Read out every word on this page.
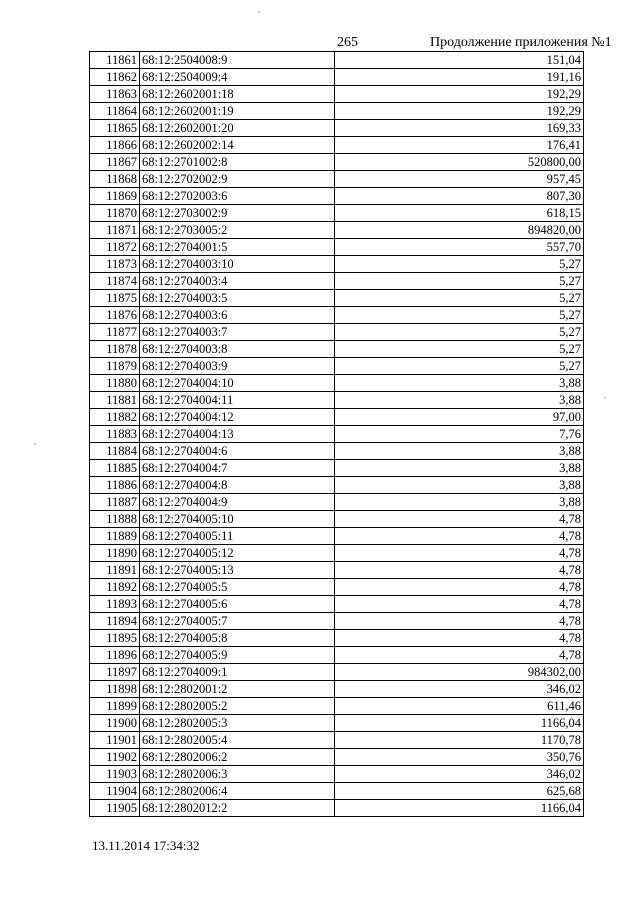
265	Продолжение приложения №1
11861	68:12:2504008:9	151,04
11862	68:12:2504009:4	191,16
11863	68:12:2602001:18	192,29
11864	68:12:2602001:19	192,29
11865	68:12:2602001:20	169,33
11866	68:12:2602002:14	176,41
11867	68:12:2701002:8	520800,00
11868	68:12:2702002:9	957,45
11869	68:12:2702003:6	807,30
11870	68:12:2703002:9	618,15
11871	68:12:2703005:2	894820,00
11872	68:12:2704001:5	557,70
11873	68:12:2704003:10	5,27
11874	68:12:2704003:4	5,27
11875	68:12:2704003:5	5,27
11876	68:12:2704003:6	5,27
11877	68:12:2704003:7	5,27
11878	68:12:2704003:8	5,27
11879	68:12:2704003:9	5,27
11880	68:12:2704004:10	3,88
11881	68:12:2704004:11	3,88
11882	68:12:2704004:12	97,00
11883	68:12:2704004:13	7,76
11884	68:12:2704004:6	3,88
11885	68:12:2704004:7	3,88
11886	68:12:2704004:8	3,88
11887	68:12:2704004:9	3,88
11888	68:12:2704005:10	4,78
11889	68:12:2704005:11	4,78
11890	68:12:2704005:12	4,78
11891	68:12:2704005:13	4,78
11892	68:12:2704005:5	4,78
11893	68:12:2704005:6	4,78
11894	68:12:2704005:7	4,78
11895	68:12:2704005:8	4,78
11896	68:12:2704005:9	4,78
11897	68:12:2704009:1	984302,00
11898	68:12:2802001:2	346,02
11899	68:12:2802005:2	611,46
11900	68:12:2802005:3	1166,04
11901	68:12:2802005:4	1170,78
11902	68:12:2802006:2	350,76
11903	68:12:2802006:3	346,02
11904	68:12:2802006:4	625,68
11905	68:12:2802012:2	1166,04
13.11.2014 17:34:32
